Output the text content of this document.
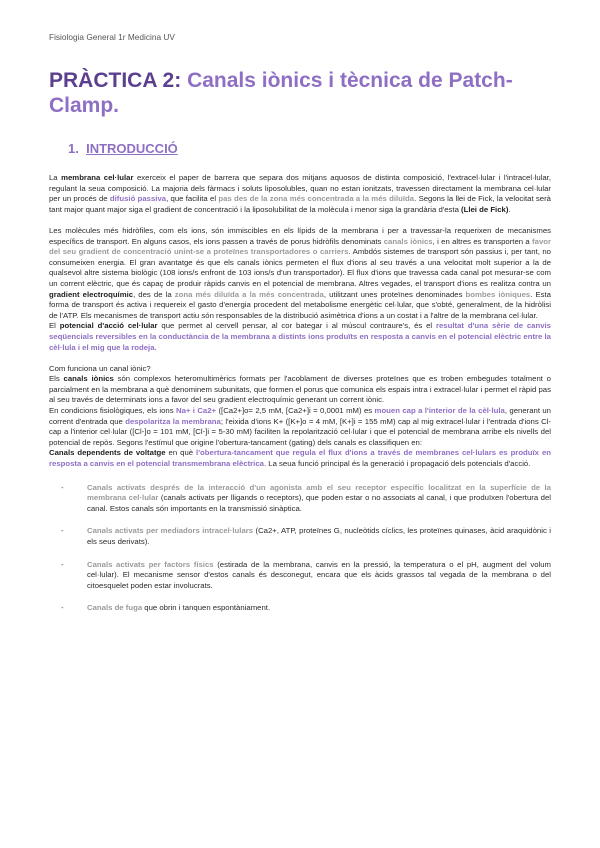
Fisiologia General 1r Medicina UV
PRÀCTICA 2: Canals iònics i tècnica de Patch-Clamp.
1. INTRODUCCIÓ

La membrana cel·lular exerceix el paper de barrera que separa dos mitjans aquosos de distinta composició, l'extracel·lular i l'intracel·lular, regulant la seua composició. La majoria dels fàrmacs i soluts liposolubles, quan no estan ionitzats, travessen directament la membrana cel·lular per un procés de difusió passiva, que facilita el pas des de la zona més concentrada a la més diluïda. Segons la llei de Fick, la velocitat serà tant major quant major siga el gradient de concentració i la liposolubilitat de la molècula i menor siga la grandària d'esta (Llei de Fick).

Les molècules més hidròfiles, com els ions, són immiscibles en els lípids de la membrana i per a travessar-la requerixen de mecanismes específics de transport. En alguns casos, els ions passen a través de porus hidròfils denominats canals iònics, i en altres es transporten a favor del seu gradient de concentració unint-se a proteïnes transportadores o carriers. Ambdós sistemes de transport són passius i, per tant, no consumeixen energia. El gran avantatge és que els canals iònics permeten el flux d'ions al seu través a una velocitat molt superior a la de qualsevol altre sistema biològic (108 ions/s enfront de 103 ions/s d'un transportador). El flux d'ions que travessa cada canal pot mesurar-se com un corrent elèctric, que és capaç de produir ràpids canvis en el potencial de membrana. Altres vegades, el transport d'ions es realitza contra un gradient electroquímic, des de la zona més diluïda a la més concentrada, utilitzant unes proteïnes denominades bombes iòniques. Esta forma de transport és activa i requereix el gasto d'energia procedent del metabolisme energètic cel·lular, que s'obté, generalment, de la hidròlisi de l'ATP. Els mecanismes de transport actiu són responsables de la distribució asimètrica d'ions a un costat i a l'altre de la membrana cel·lular.

El potencial d'acció cel·lular que permet al cervell pensar, al cor bategar i al múscul contraure's, és el resultat d'una sèrie de canvis seqüencials reversibles en la conductància de la membrana a distints ions produïts en resposta a canvis en el potencial elèctric entre la cèl·lula i el mig que la rodeja.

Com funciona un canal iònic?

Els canals iònics són complexos heteromultimèrics formats per l'acoblament de diverses proteïnes que es troben embegudes totalment o parcialment en la membrana a què denominem subunitats, que formen el porus que comunica els espais intra i extracel·lular i permet el ràpid pas al seu través de determinats ions a favor del seu gradient electroquímic generant un corrent iònic.

En condicions fisiològiques, els ions Na+ i Ca2+ ([Ca2+]o= 2,5 mM, [Ca2+]i = 0,0001 mM) es mouen cap a l'interior de la cèl·lula, generant un corrent d'entrada que despolaritza la membrana; l'eixida d'ions K+ ([K+]o = 4 mM, [K+]i = 155 mM) cap al mig extracel·lular i l'entrada d'ions Cl- cap a l'interior cel·lular ([Cl-]o = 101 mM, [Cl-]i = 5-30 mM) faciliten la repolarització cel·lular i que el potencial de membrana arribe els nivells del potencial de repòs. Segons l'estímul que origine l'obertura-tancament (gating) dels canals es classifiquen en:

Canals dependents de voltatge en què l'obertura-tancament que regula el flux d'ions a través de membranes cel·lulars es produïx en resposta a canvis en el potencial transmembrana elèctrica. La seua funció principal és la generació i propagació dels potencials d'acció.

- Canals activats després de la interacció d'un agonista amb el seu receptor específic localitzat en la superfície de la membrana cel·lular (canals activats per lligands o receptors), que poden estar o no associats al canal, i que produïxen l'obertura del canal. Estos canals són importants en la transmissió sinàptica.
- Canals activats per mediadors intracel·lulars (Ca2+, ATP, proteïnes G, nucleòtids cíclics, les proteïnes quinases, àcid araquidònic i els seus derivats).
- Canals activats per factors físics (estirada de la membrana, canvis en la pressió, la temperatura o el pH, augment del volum cel·lular). El mecanisme sensor d'estos canals és desconegut, encara que els àcids grassos tal vegada de la membrana o del citoesquelet poden estar involucrats.
- Canals de fuga que obrin i tanquen espontàniament.
